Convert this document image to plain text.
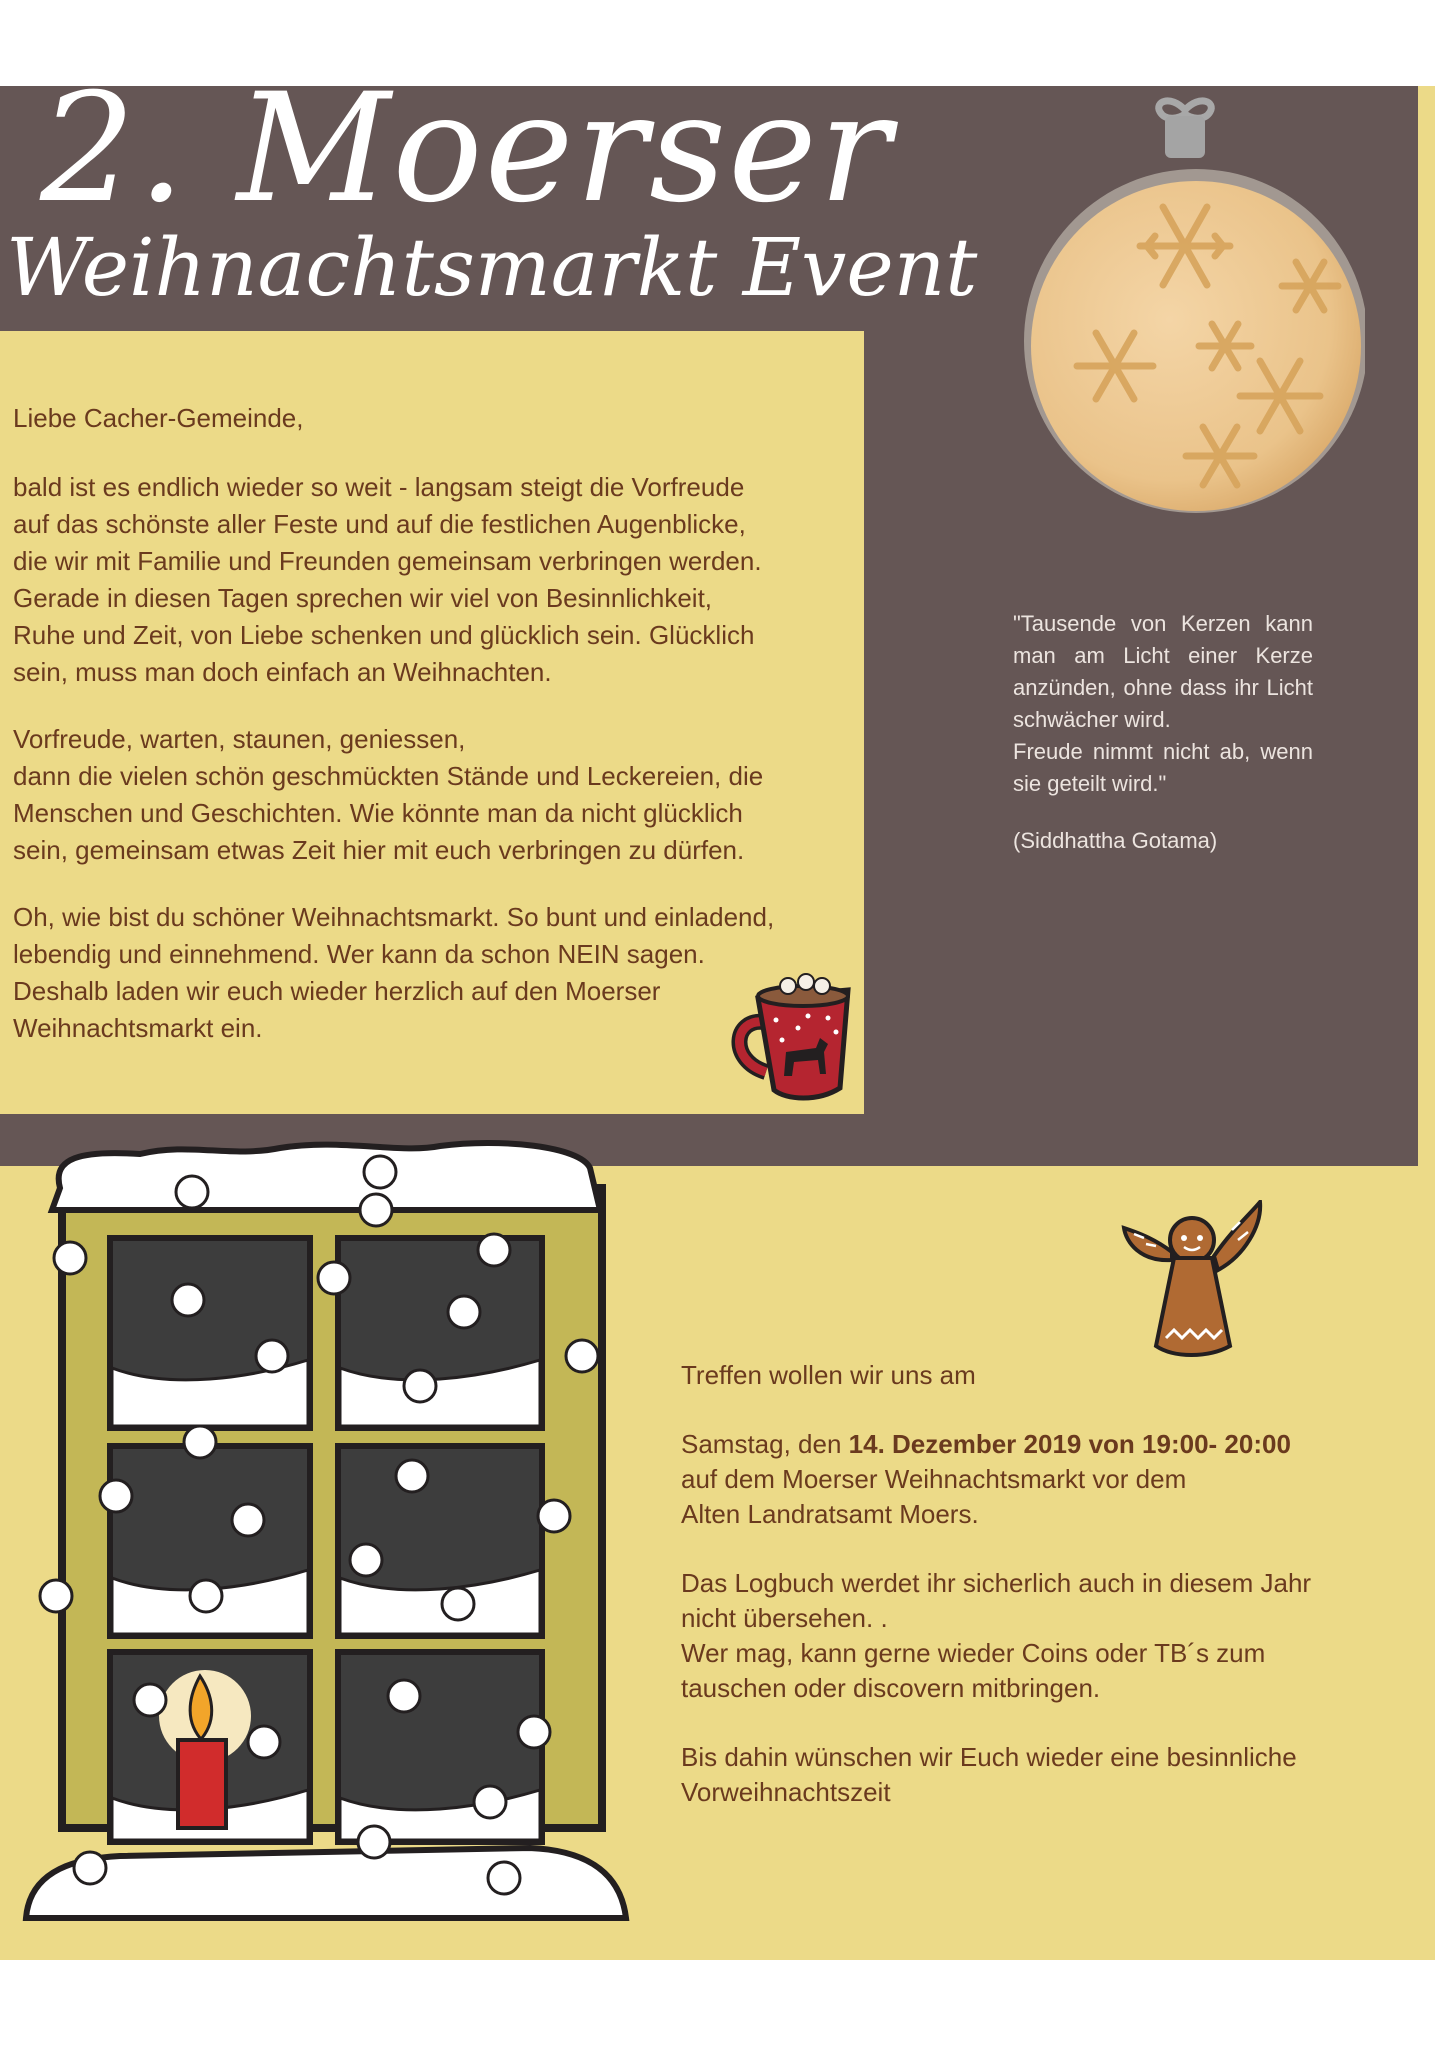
2. Moerser
Weihnachtsmarkt Event

Liebe Cacher-Gemeinde,

bald ist es endlich wieder so weit - langsam steigt die Vorfreude
auf das schönste aller Feste und auf die festlichen Augenblicke,
die wir mit Familie und Freunden gemeinsam verbringen werden.
Gerade in diesen Tagen sprechen wir viel von Besinnlichkeit,
Ruhe und Zeit, von Liebe schenken und glücklich sein. Glücklich
sein, muss man doch einfach an Weihnachten.

Vorfreude, warten, staunen, geniessen,
dann die vielen schön geschmückten Stände und Leckereien, die
Menschen und Geschichten. Wie könnte man da nicht glücklich
sein, gemeinsam etwas Zeit hier mit euch verbringen zu dürfen.

Oh, wie bist du schöner Weihnachtsmarkt. So bunt und einladend,
lebendig und einnehmend. Wer kann da schon NEIN sagen.
Deshalb laden wir euch wieder herzlich auf den Moerser
Weihnachtsmarkt ein.

"Tausende von Kerzen kann man am Licht einer Kerze anzünden, ohne dass ihr Licht schwächer wird.

Freude nimmt nicht ab, wenn sie geteilt wird."

(Siddhattha Gotama)

Treffen wollen wir uns am

Samstag, den 14. Dezember 2019 von 19:00- 20:00
auf dem Moerser Weihnachtsmarkt vor dem
Alten Landratsamt Moers.

Das Logbuch werdet ihr sicherlich auch in diesem Jahr
nicht übersehen. .
Wer mag, kann gerne wieder Coins oder TB´s zum
tauschen oder discovern mitbringen.

Bis dahin wünschen wir Euch wieder eine besinnliche
Vorweihnachtszeit
